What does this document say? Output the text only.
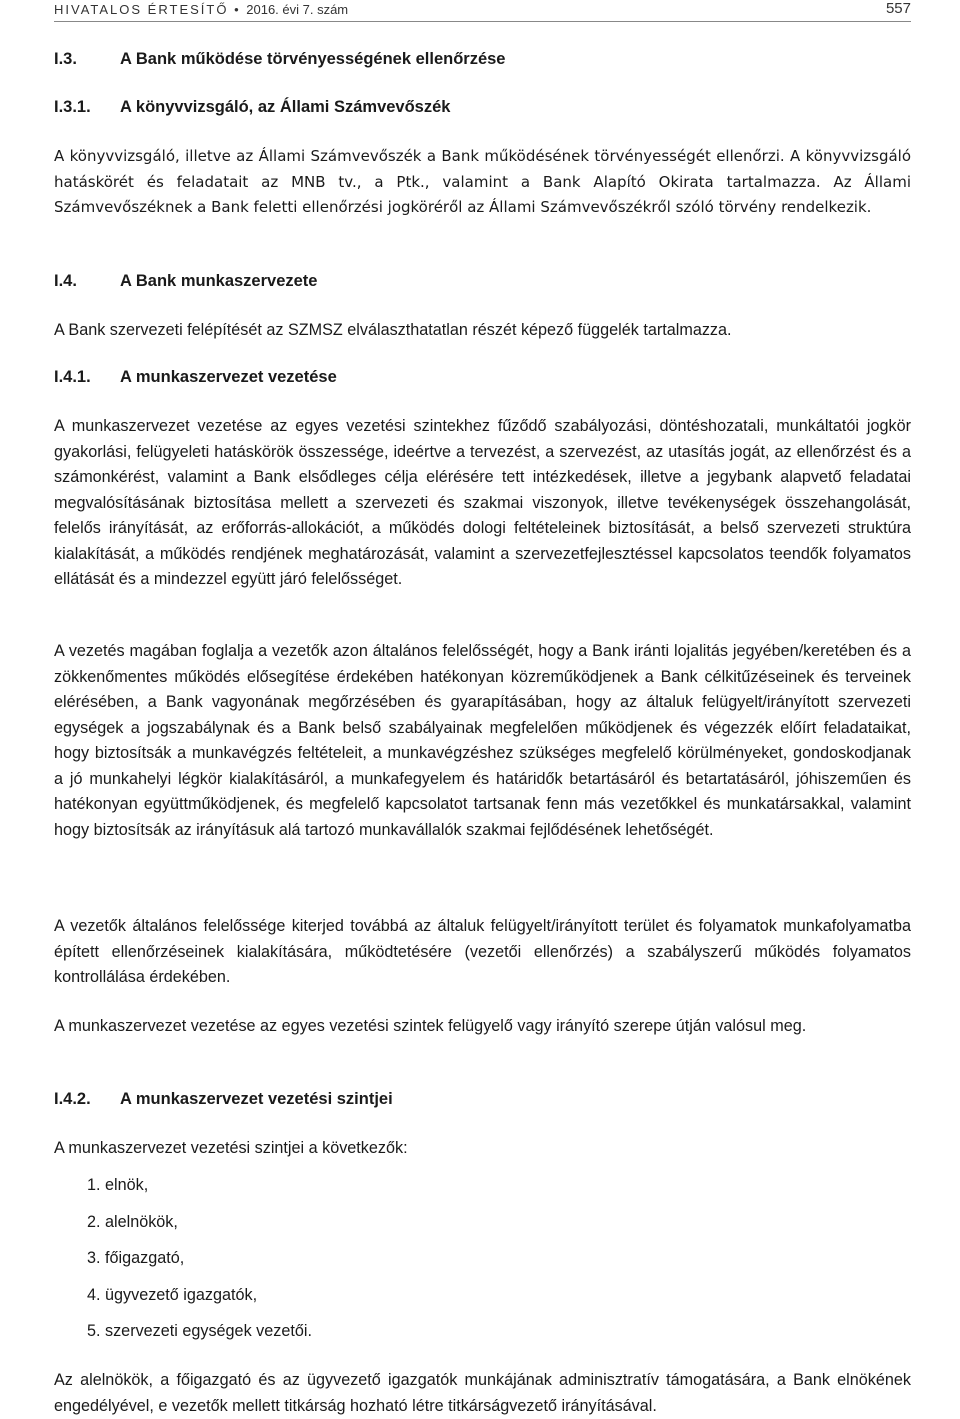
HIVATALOS ÉRTESÍTŐ • 2016. évi 7. szám	557
I.3.	A Bank működése törvényességének ellenőrzése
I.3.1. A könyvvizsgáló, az Állami Számvevőszék

A könyvvizsgáló, illetve az Állami Számvevőszék a Bank működésének törvényességét ellenőrzi. A könyvvizsgáló hatáskörét és feladatait az MNB tv., a Ptk., valamint a Bank Alapító Okirata tartalmazza. Az Állami Számvevőszéknek a Bank feletti ellenőrzési jogköréről az Állami Számvevőszékről szóló törvény rendelkezik.

I.4.	A Bank munkaszervezete

A Bank szervezeti felépítését az SZMSZ elválaszthatatlan részét képező függelék tartalmazza.

I.4.1. A munkaszervezet vezetése

A munkaszervezet vezetése az egyes vezetési szintekhez fűződő szabályozási, döntéshozatali, munkáltatói jogkör gyakorlási, felügyeleti hatáskörök összessége, ideértve a tervezést, a szervezést, az utasítás jogát, az ellenőrzést és a számonkérést, valamint a Bank elsődleges célja elérésére tett intézkedések, illetve a jegybank alapvető feladatai megvalósításának biztosítása mellett a szervezeti és szakmai viszonyok, illetve tevékenységek összehangolását, felelős irányítását, az erőforrás-allokációt, a működés dologi feltételeinek biztosítását, a belső szervezeti struktúra kialakítását, a működés rendjének meghatározását, valamint a szervezetfejlesztéssel kapcsolatos teendők folyamatos ellátását és a mindezzel együtt járó felelősséget.

A vezetés magában foglalja a vezetők azon általános felelősségét, hogy a Bank iránti lojalitás jegyében/keretében és a zökkenőmentes működés elősegítése érdekében hatékonyan közreműködjenek a Bank célkitűzéseinek és terveinek elérésében, a Bank vagyonának megőrzésében és gyarapításában, hogy az általuk felügyelt/irányított szervezeti egységek a jogszabálynak és a Bank belső szabályainak megfelelően működjenek és végezzék előírt feladataikat, hogy biztosítsák a munkavégzés feltételeit, a munkavégzéshez szükséges megfelelő körülményeket, gondoskodjanak a jó munkahelyi légkör kialakításáról, a munkafegyelem és határidők betartásáról és betartatásáról, jóhiszeműen és hatékonyan együttműködjenek, és megfelelő kapcsolatot tartsanak fenn más vezetőkkel és munkatársakkal, valamint hogy biztosítsák az irányításuk alá tartozó munkavállalók szakmai fejlődésének lehetőségét.

A vezetők általános felelőssége kiterjed továbbá az általuk felügyelt/irányított terület és folyamatok munkafolyamatba épített ellenőrzéseinek kialakítására, működtetésére (vezetői ellenőrzés) a szabályszerű működés folyamatos kontrollálása érdekében.

A munkaszervezet vezetése az egyes vezetési szintek felügyelő vagy irányító szerepe útján valósul meg.

I.4.2. A munkaszervezet vezetési szintjei

A munkaszervezet vezetési szintjei a következők:

1. elnök,
2. alelnökök,
3. főigazgató,
4. ügyvezető igazgatók,
5. szervezeti egységek vezetői.

Az alelnökök, a főigazgató és az ügyvezető igazgatók munkájának adminisztratív támogatására, a Bank elnökének engedélyével, e vezetők mellett titkárság hozható létre titkárságvezető irányításával.
